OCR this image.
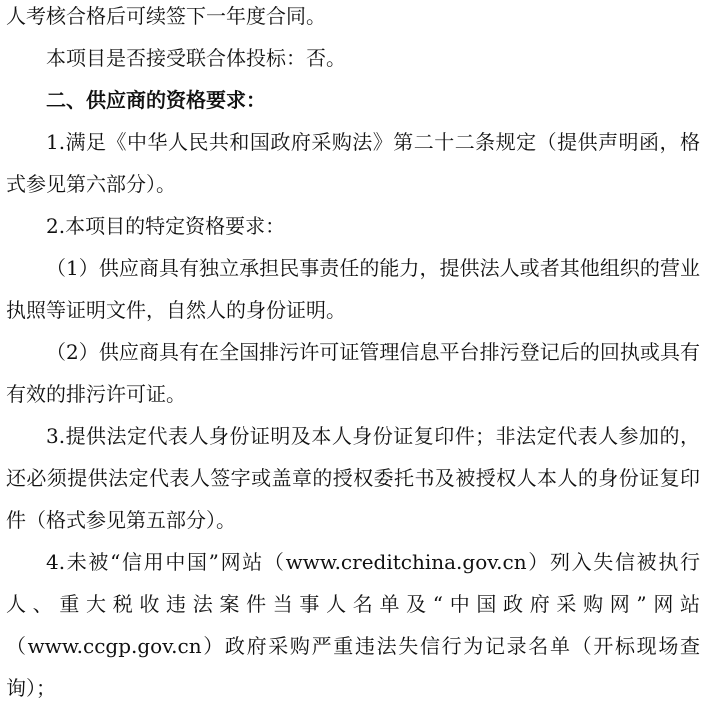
人考核合格后可续签下一年度合同。

本项目是否接受联合体投标：否。

二、供应商的资格要求：

1.满足《中华人民共和国政府采购法》第二十二条规定（提供声明函，格式参见第六部分）。

2.本项目的特定资格要求：

（1）供应商具有独立承担民事责任的能力，提供法人或者其他组织的营业执照等证明文件，自然人的身份证明。

（2）供应商具有在全国排污许可证管理信息平台排污登记后的回执或具有有效的排污许可证。

3.提供法定代表人身份证明及本人身份证复印件；非法定代表人参加的，还必须提供法定代表人签字或盖章的授权委托书及被授权人本人的身份证复印件（格式参见第五部分）。

4.未被“信用中国”网站（www.creditchina.gov.cn）列入失信被执行人、重大税收违法案件当事人名单及“中国政府采购网”网站（www.ccgp.gov.cn）政府采购严重违法失信行为记录名单（开标现场查询）；
